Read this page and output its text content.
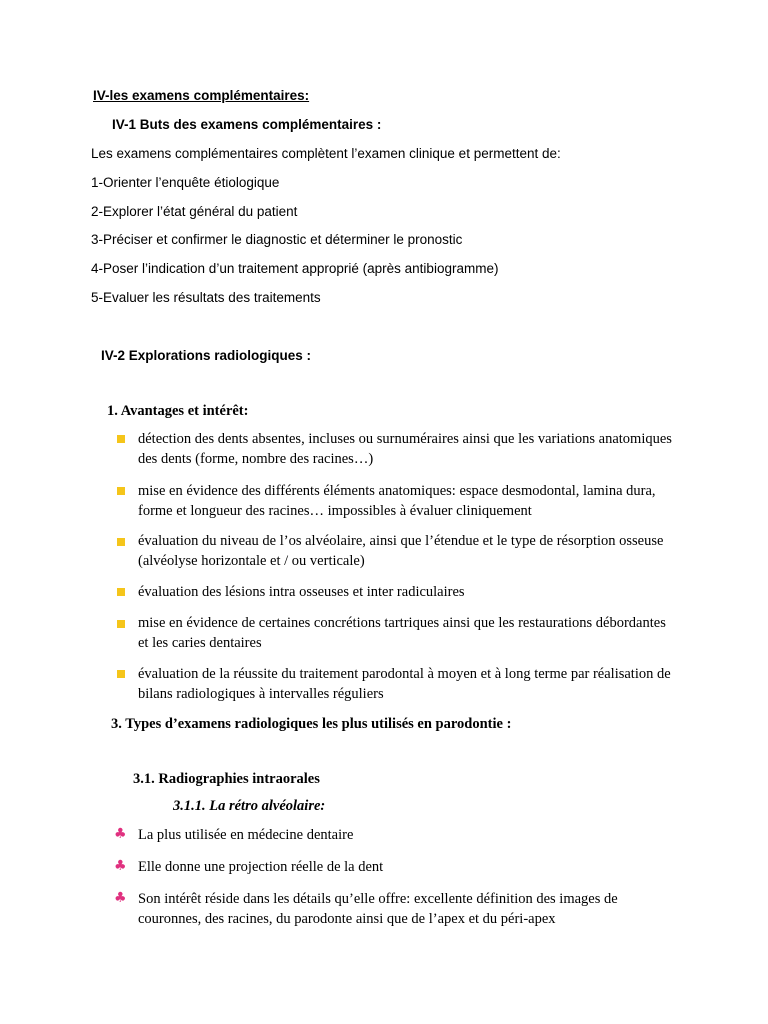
IV-les examens complémentaires:
IV-1 Buts des examens complémentaires :
Les examens complémentaires complètent l’examen clinique et permettent de:
1-Orienter l’enquête étiologique
2-Explorer l’état général du patient
3-Préciser et confirmer le diagnostic et déterminer le pronostic
4-Poser l’indication d’un traitement approprié (après antibiogramme)
5-Evaluer les résultats des traitements
IV-2 Explorations radiologiques :
1. Avantages et intérêt:
détection des dents absentes, incluses ou surnuméraires ainsi que les variations anatomiques des dents (forme, nombre des racines…)
mise en évidence des différents éléments anatomiques: espace desmodontal, lamina dura, forme et longueur des racines… impossibles à évaluer cliniquement
évaluation du niveau de l’os alvéolaire, ainsi que l’étendue et le type de résorption osseuse (alvéolyse horizontale et / ou verticale)
évaluation des lésions intra osseuses et inter radiculaires
mise en évidence de certaines concrétions tartriques ainsi que les restaurations débordantes et les caries dentaires
évaluation de la réussite du traitement parodontal à moyen et à long terme par réalisation de bilans radiologiques à intervalles réguliers
3. Types d’examens radiologiques les plus utilisés en parodontie :
3.1. Radiographies intraorales
3.1.1. La rétro alvéolaire:
♣ La plus utilisée en médecine dentaire
♣ Elle donne une projection réelle de la dent
♣ Son intérêt réside dans les détails qu’elle offre: excellente définition des images de couronnes, des racines, du parodonte ainsi que de l’apex et du péri-apex
